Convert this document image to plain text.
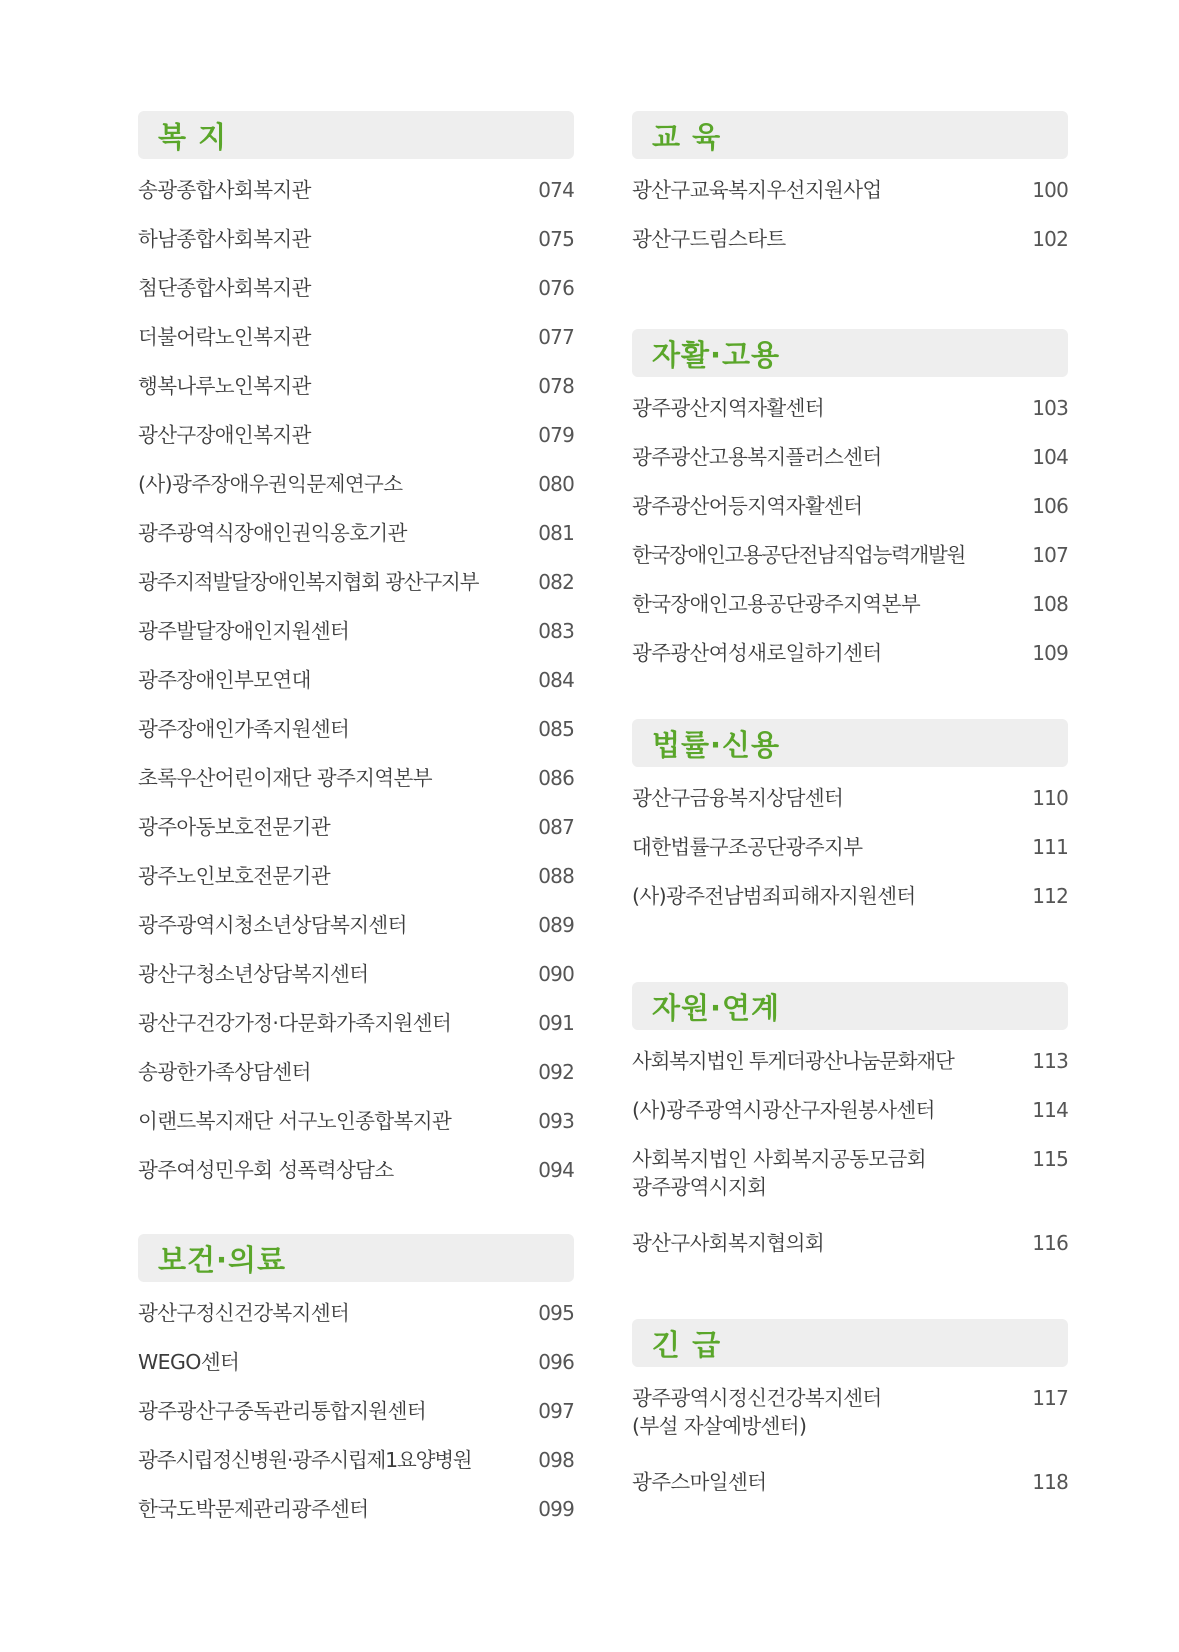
복 지
송광종합사회복지관	074
하남종합사회복지관	075
첨단종합사회복지관	076
더불어락노인복지관	077
행복나루노인복지관	078
광산구장애인복지관	079
(사)광주장애우권익문제연구소	080
광주광역식장애인권익옹호기관	081
광주지적발달장애인복지협회 광산구지부	082
광주발달장애인지원센터	083
광주장애인부모연대	084
광주장애인가족지원센터	085
초록우산어린이재단 광주지역본부	086
광주아동보호전문기관	087
광주노인보호전문기관	088
광주광역시청소년상담복지센터	089
광산구청소년상담복지센터	090
광산구건강가정·다문화가족지원센터	091
송광한가족상담센터	092
이랜드복지재단 서구노인종합복지관	093
광주여성민우회 성폭력상담소	094
보건·의료
광산구정신건강복지센터	095
WEGO센터	096
광주광산구중독관리통합지원센터	097
광주시립정신병원·광주시립제1요양병원	098
한국도박문제관리광주센터	099
교 육
광산구교육복지우선지원사업	100
광산구드림스타트	102
자활·고용
광주광산지역자활센터	103
광주광산고용복지플러스센터	104
광주광산어등지역자활센터	106
한국장애인고용공단전남직업능력개발원	107
한국장애인고용공단광주지역본부	108
광주광산여성새로일하기센터	109
법률·신용
광산구금융복지상담센터	110
대한법률구조공단광주지부	111
(사)광주전남범죄피해자지원센터	112
자원·연계
사회복지법인 투게더광산나눔문화재단	113
(사)광주광역시광산구자원봉사센터	114
사회복지법인 사회복지공동모금회
광주광역시지회
115
광산구사회복지협의회	116
긴 급
광주광역시정신건강복지센터
(부설 자살예방센터)
117
광주스마일센터	118
